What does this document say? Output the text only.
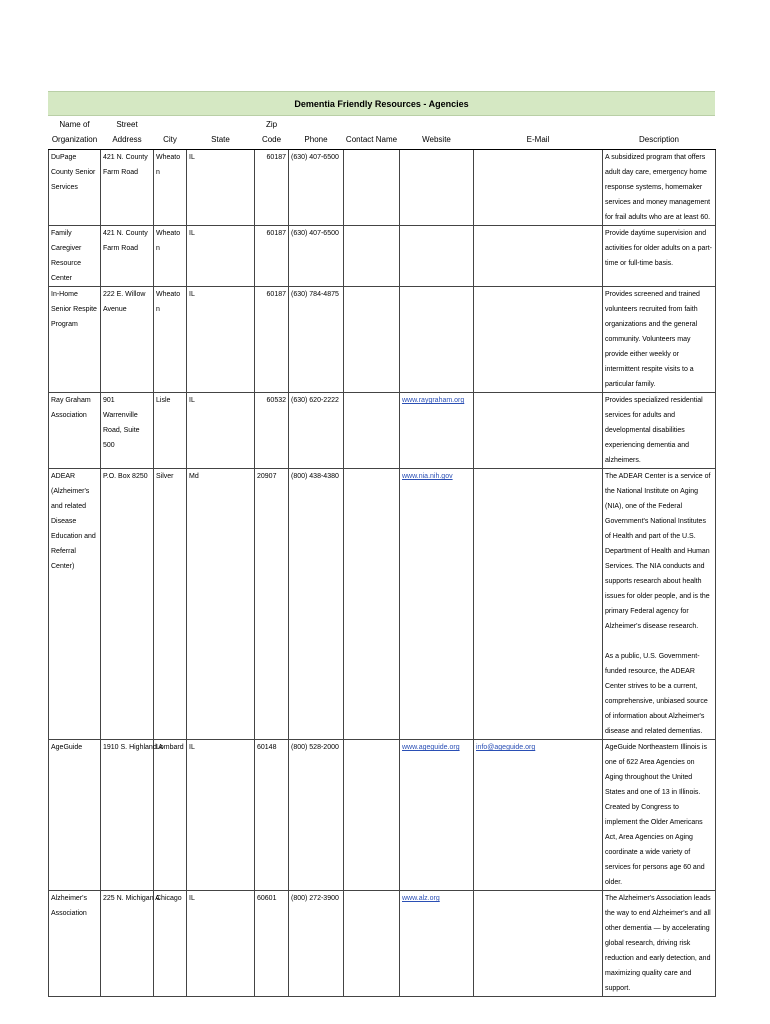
Dementia Friendly Resources - Agencies
Name of
Organization	Street Address	City	State	Zip Code	Phone	Contact Name	Website	E-Mail	Description
DuPage County Senior Services	421 N. County Farm Road	Wheaton	IL	60187	(630) 407-6500				A subsidized program that offers adult day care, emergency home response systems, homemaker services and money management for frail adults who are at least 60.

Family Caregiver Resource Center	421 N. County Farm Road	Wheaton	IL	60187	(630) 407-6500				Provide daytime supervision and activities for older adults on a part-time or full-time basis.

In-Home Senior Respite Program	222 E. Willow Avenue	Wheaton	IL	60187	(630) 784-4875				Provides screened and trained volunteers recruited from faith organizations and the general community. Volunteers may provide either weekly or intermittent respite visits to a particular family.

Ray Graham Association	901 Warrenville Road, Suite 500	Lisle	IL	60532	(630) 620-2222		www.raygraham.org		Provides specialized residential services for adults and developmental disabilities experiencing dementia and alzheimers.

ADEAR (Alzheimer's and related Disease Education and Referral Center)	P.O. Box 8250	Silver	Md	20907	(800) 438-4380		www.nia.nih.gov		The ADEAR Center is a service of the National Institute on Aging (NIA), one of the Federal Government's National Institutes of Health and part of the U.S. Department of Health and Human Services. The NIA conducts and supports research about health issues for older people, and is the primary Federal agency for Alzheimer's disease research.
As a public, U.S. Government-funded resource, the ADEAR Center strives to be a current, comprehensive, unbiased source of information about Alzheimer's disease and related dementias.

AgeGuide	1910 S. Highland A	Lombard	IL	60148	(800) 528-2000		www.ageguide.org	info@ageguide.org	AgeGuide Northeastern Illinois is one of 622 Area Agencies on Aging throughout the United States and one of 13 in Illinois. Created by Congress to implement the Older Americans Act, Area Agencies on Aging coordinate a wide variety of services for persons age 60 and older.

Alzheimer's Association	225 N. Michigan A	Chicago	IL	60601	(800) 272-3900		www.alz.org		The Alzheimer's Association leads the way to end Alzheimer's and all other dementia — by accelerating global research, driving risk reduction and early detection, and maximizing quality care and support.
